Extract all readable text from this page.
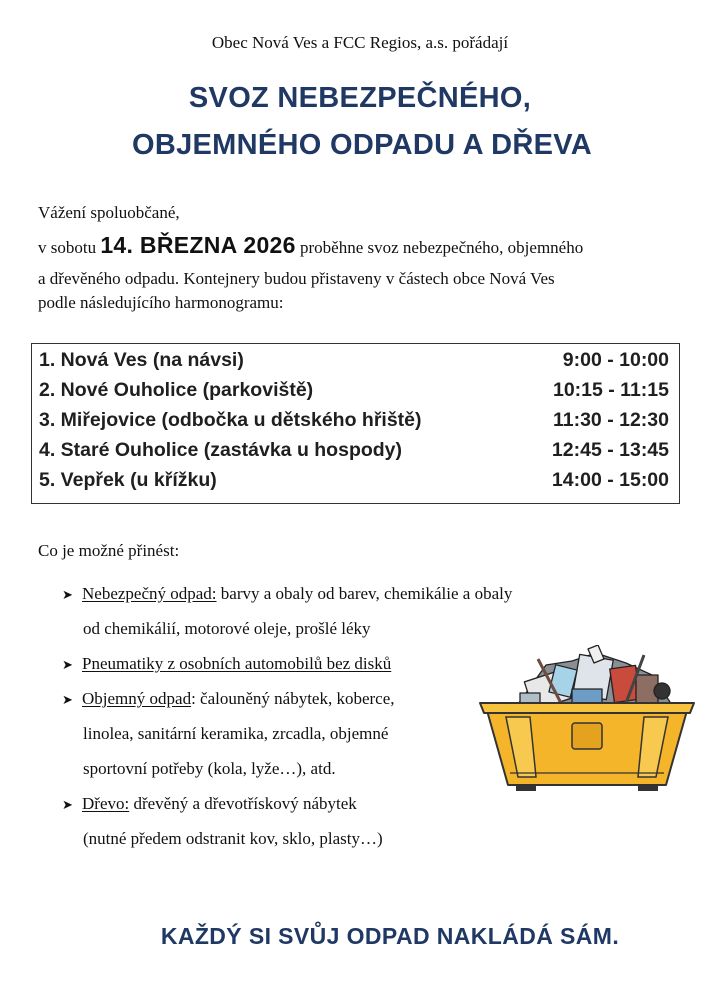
Obec Nová Ves a FCC Regios, a.s. pořádají
SVOZ NEBEZPEČNÉHO,
OBJEMNÉHO ODPADU A DŘEVA
Vážení spoluobčané,
v sobotu 14. BŘEZNA 2026 proběhne svoz nebezpečného, objemného
a dřevěného odpadu. Kontejnery budou přistaveny v částech obce Nová Ves
podle následujícího harmonogramu:
1. Nová Ves (na návsi)	9:00 - 10:00
2. Nové Ouholice (parkoviště)	10:15 - 11:15
3. Miřejovice (odbočka u dětského hřiště)	11:30 - 12:30
4. Staré Ouholice (zastávka u hospody)	12:45 - 13:45
5. Vepřek (u křížku)	14:00 - 15:00
Co je možné přinést:
➤ Nebezpečný odpad: barvy a obaly od barev, chemikálie a obaly
od chemikálií, motorové oleje, prošlé léky
➤ Pneumatiky z osobních automobilů bez disků
➤ Objemný odpad: čalouněný nábytek, koberce,
linolea, sanitární keramika, zrcadla, objemné
sportovní potřeby (kola, lyže…), atd.
➤ Dřevo: dřevěný a dřevotřískový nábytek
(nutné předem odstranit kov, sklo, plasty…)
KAŽDÝ SI SVŮJ ODPAD NAKLÁDÁ SÁM.
